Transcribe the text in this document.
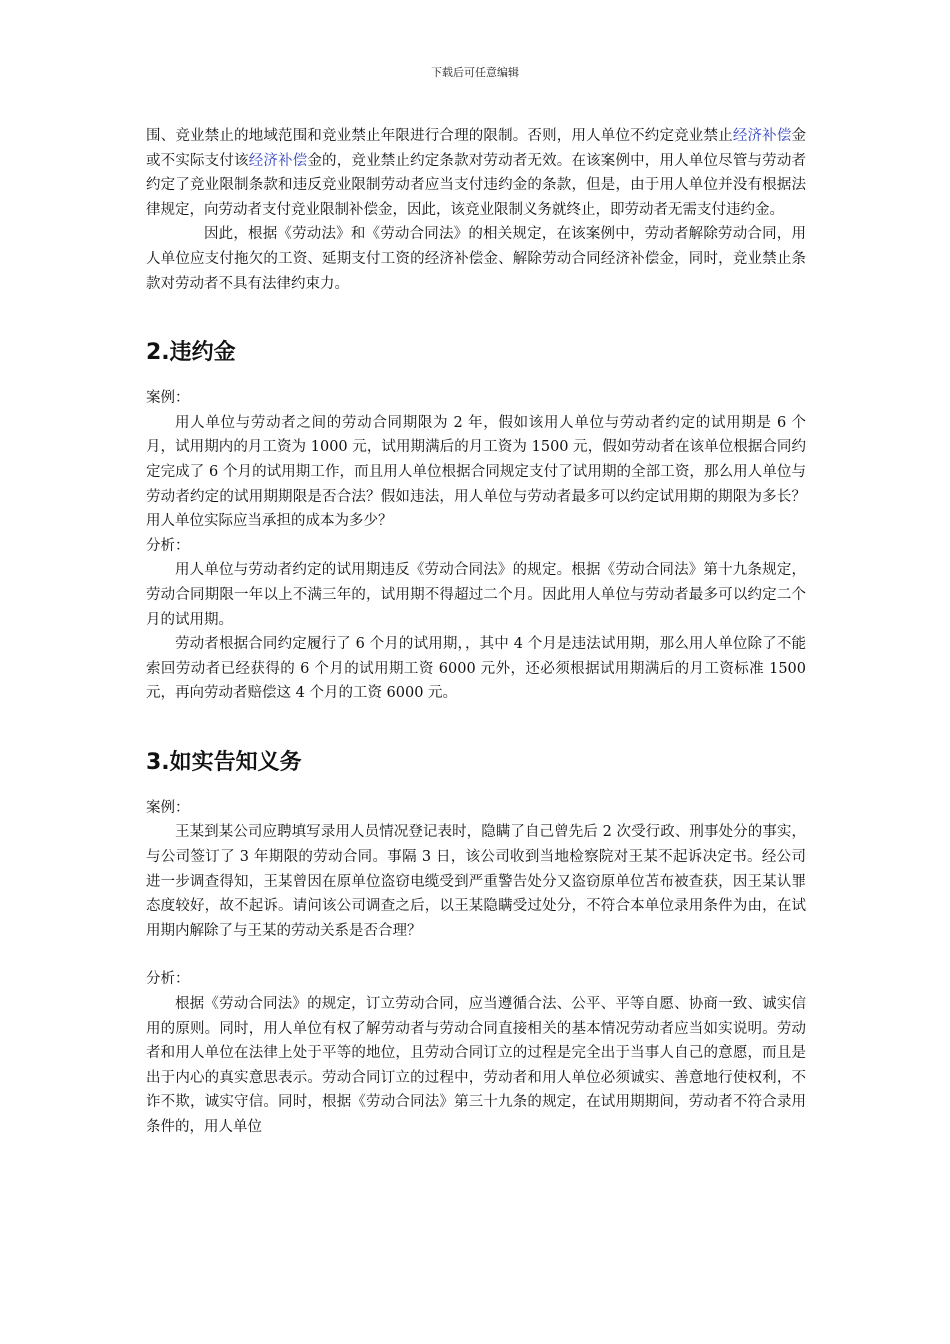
下载后可任意编辑

围、竞业禁止的地域范围和竞业禁止年限进行合理的限制。否则，用人单位不约定竞业禁止经济补偿金或不实际支付该经济补偿金的，竞业禁止约定条款对劳动者无效。在该案例中，用人单位尽管与劳动者约定了竞业限制条款和违反竞业限制劳动者应当支付违约金的条款，但是，由于用人单位并没有根据法律规定，向劳动者支付竞业限制补偿金，因此，该竞业限制义务就终止，即劳动者无需支付违约金。

因此，根据《劳动法》和《劳动合同法》的相关规定，在该案例中，劳动者解除劳动合同，用人单位应支付拖欠的工资、延期支付工资的经济补偿金、解除劳动合同经济补偿金，同时，竞业禁止条款对劳动者不具有法律约束力。

2.违约金

案例：

用人单位与劳动者之间的劳动合同期限为 2 年，假如该用人单位与劳动者约定的试用期是 6 个月，试用期内的月工资为 1000 元，试用期满后的月工资为 1500 元，假如劳动者在该单位根据合同约定完成了 6 个月的试用期工作，而且用人单位根据合同规定支付了试用期的全部工资，那么用人单位与劳动者约定的试用期期限是否合法？假如违法，用人单位与劳动者最多可以约定试用期的期限为多长？用人单位实际应当承担的成本为多少？

分析：

用人单位与劳动者约定的试用期违反《劳动合同法》的规定。根据《劳动合同法》第十九条规定，劳动合同期限一年以上不满三年的，试用期不得超过二个月。因此用人单位与劳动者最多可以约定二个月的试用期。

劳动者根据合同约定履行了 6 个月的试用期，，其中 4 个月是违法试用期，那么用人单位除了不能索回劳动者已经获得的 6 个月的试用期工资 6000 元外，还必须根据试用期满后的月工资标准 1500 元，再向劳动者赔偿这 4 个月的工资 6000 元。

3.如实告知义务

案例：

王某到某公司应聘填写录用人员情况登记表时，隐瞒了自己曾先后 2 次受行政、刑事处分的事实，与公司签订了 3 年期限的劳动合同。事隔 3 日，该公司收到当地检察院对王某不起诉决定书。经公司进一步调查得知，王某曾因在原单位盗窃电缆受到严重警告处分又盗窃原单位苫布被查获，因王某认罪态度较好，故不起诉。请问该公司调查之后，以王某隐瞒受过处分，不符合本单位录用条件为由，在试用期内解除了与王某的劳动关系是否合理？

分析：

根据《劳动合同法》的规定，订立劳动合同，应当遵循合法、公平、平等自愿、协商一致、诚实信用的原则。同时，用人单位有权了解劳动者与劳动合同直接相关的基本情况劳动者应当如实说明。劳动者和用人单位在法律上处于平等的地位，且劳动合同订立的过程是完全出于当事人自己的意愿，而且是出于内心的真实意思表示。劳动合同订立的过程中，劳动者和用人单位必须诚实、善意地行使权利，不诈不欺，诚实守信。同时，根据《劳动合同法》第三十九条的规定，在试用期期间，劳动者不符合录用条件的，用人单位
